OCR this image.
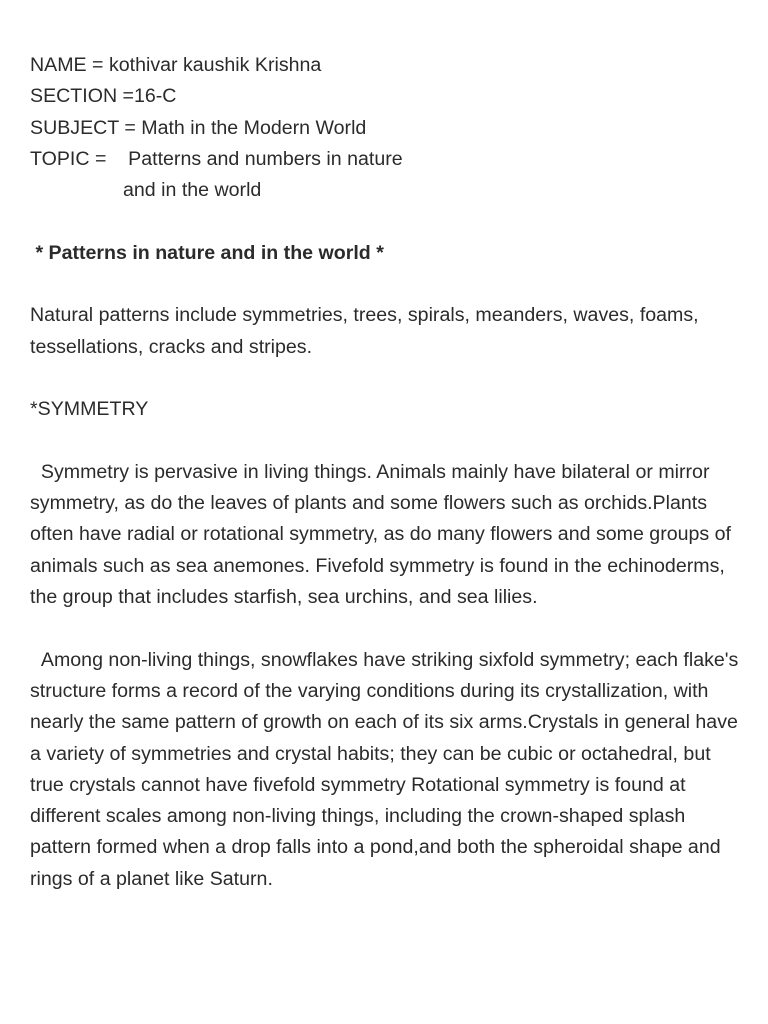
NAME = kothivar kaushik Krishna
SECTION =16-C
SUBJECT = Math in the Modern World
TOPIC =    Patterns and numbers in nature
and in the world
* Patterns in nature and in the world *

Natural patterns include symmetries, trees, spirals, meanders, waves, foams, tessellations, cracks and stripes.

*SYMMETRY

Symmetry is pervasive in living things. Animals mainly have bilateral or mirror symmetry, as do the leaves of plants and some flowers such as orchids.Plants often have radial or rotational symmetry, as do many flowers and some groups of animals such as sea anemones. Fivefold symmetry is found in the echinoderms, the group that includes starfish, sea urchins, and sea lilies.

Among non-living things, snowflakes have striking sixfold symmetry; each flake's structure forms a record of the varying conditions during its crystallization, with nearly the same pattern of growth on each of its six arms.Crystals in general have a variety of symmetries and crystal habits; they can be cubic or octahedral, but true crystals cannot have fivefold symmetry Rotational symmetry is found at different scales among non-living things, including the crown-shaped splash pattern formed when a drop falls into a pond,and both the spheroidal shape and rings of a planet like Saturn.
